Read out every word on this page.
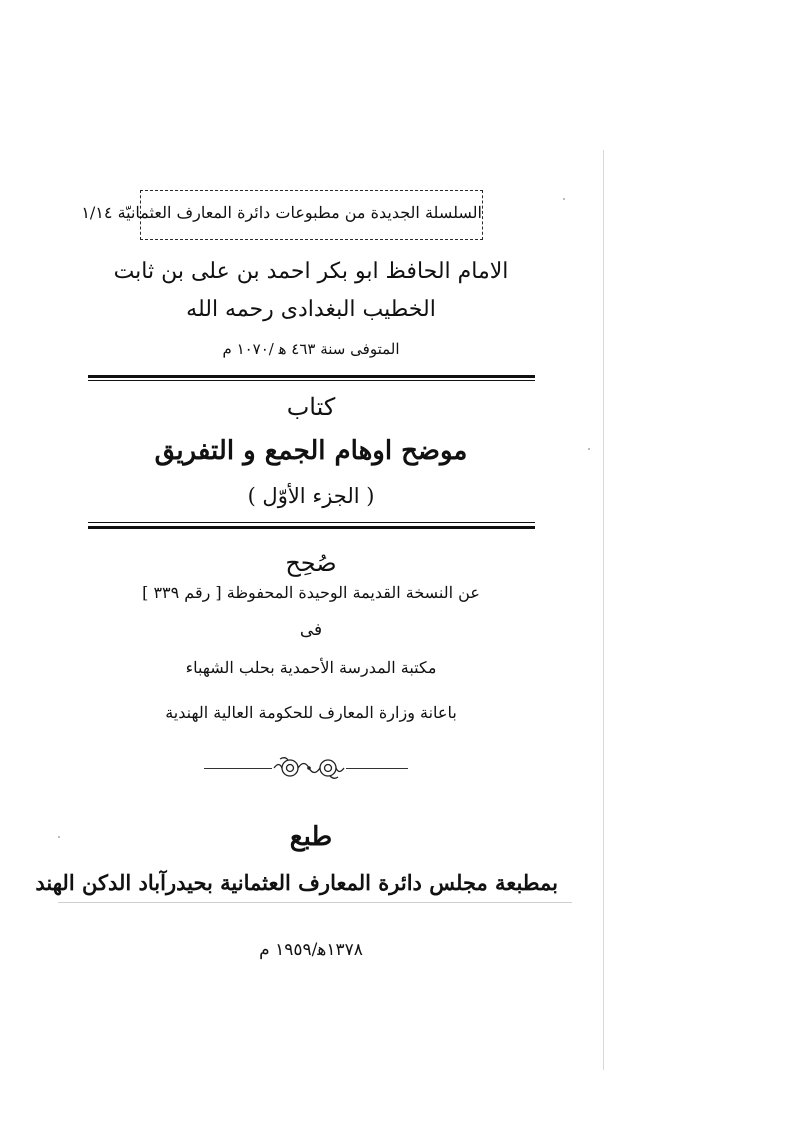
السلسلة الجديدة من مطبوعات دائرة المعارف العثمانيّة ١/١٤
الامام الحافظ ابو بكر احمد بن على بن ثابت
الخطيب البغدادى رحمه الله
المتوفى سنة ٤٦٣ ﻫ /١٠٧٠ م
كتاب
موضح اوهام الجمع و التفريق
( الجزء الأوّل )
صُحِح
عن النسخة القديمة الوحيدة المحفوظة [ رقم ٣٣٩ ]
فى
مكتبة المدرسة الأحمدية بحلب الشهباء
باعانة وزارة المعارف للحكومة العالية الهندية
طبع
بمطبعة مجلس دائرة المعارف العثمانية بحيدرآباد الدكن الهند
١٣٧٨ﻫ/١٩٥٩ م
